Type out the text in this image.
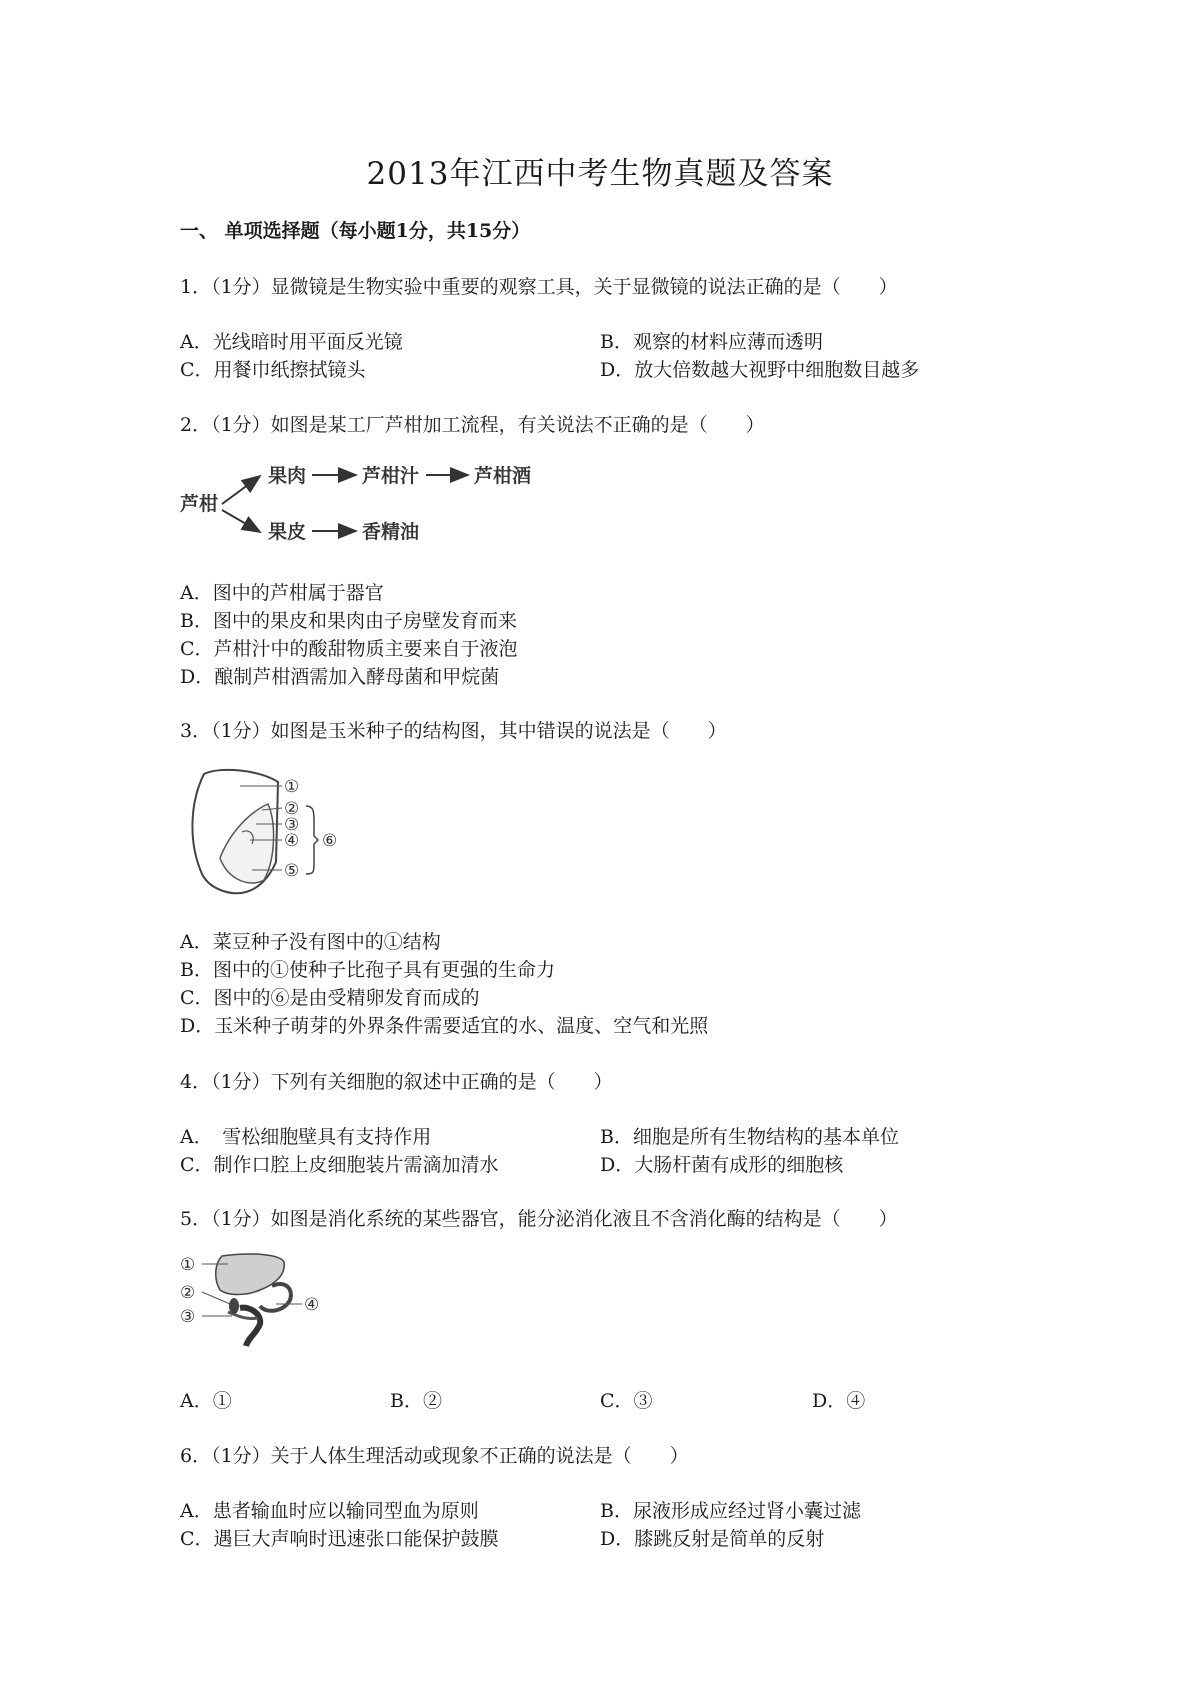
2013年江西中考生物真题及答案
一、 单项选择题（每小题1分，共15分）
1．（1分）显微镜是生物实验中重要的观察工具，关于显微镜的说法正确的是（　　）
A．光线暗时用平面反光镜	B．观察的材料应薄而透明
C．用餐巾纸擦拭镜头	D．放大倍数越大视野中细胞数目越多
2．（1分）如图是某工厂芦柑加工流程，有关说法不正确的是（　　）
芦柑
果肉	芦柑汁	芦柑酒
果皮	香精油
A．图中的芦柑属于器官
B．图中的果皮和果肉由子房壁发育而来
C．芦柑汁中的酸甜物质主要来自于液泡
D．酿制芦柑酒需加入酵母菌和甲烷菌
3．（1分）如图是玉米种子的结构图，其中错误的说法是（　　）
①
②
③
④
⑤
⑥
A．菜豆种子没有图中的①结构
B．图中的①使种子比孢子具有更强的生命力
C．图中的⑥是由受精卵发育而成的
D．玉米种子萌芽的外界条件需要适宜的水、温度、空气和光照
4．（1分）下列有关细胞的叙述中正确的是（　　）
A．　雪松细胞壁具有支持作用	B．细胞是所有生物结构的基本单位
C．制作口腔上皮细胞装片需滴加清水	D．大肠杆菌有成形的细胞核
5．（1分）如图是消化系统的某些器官，能分泌消化液且不含消化酶的结构是（　　）
①
②
③
④
A．①	B．②	C．③	D．④
6．（1分）关于人体生理活动或现象不正确的说法是（　　）
A．患者输血时应以输同型血为原则	B．尿液形成应经过肾小囊过滤
C．遇巨大声响时迅速张口能保护鼓膜	D．膝跳反射是简单的反射
